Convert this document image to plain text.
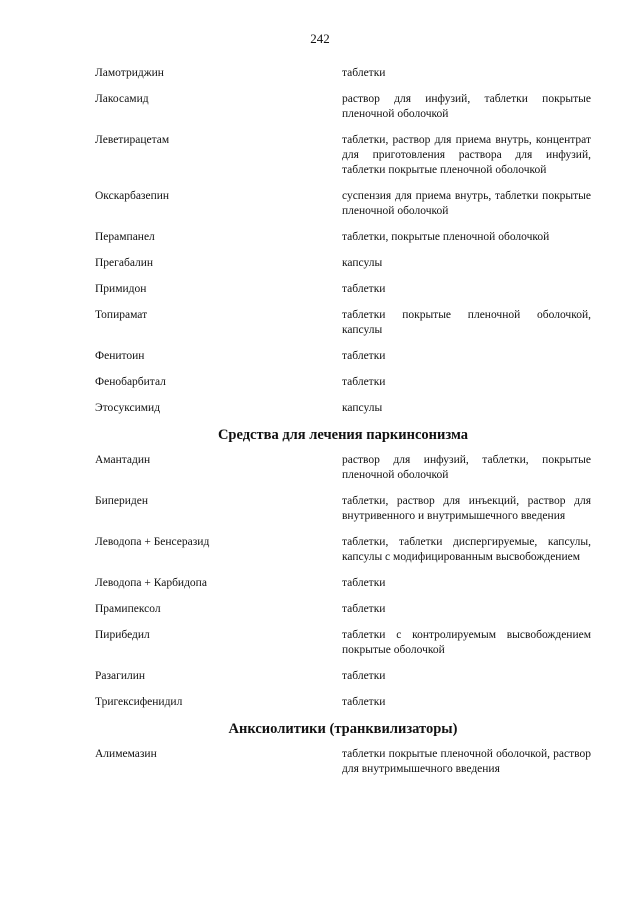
242
Ламотриджин	таблетки
Лакосамид	раствор для инфузий, таблетки покрытые пленочной оболочкой
Леветирацетам	таблетки, раствор для приема внутрь, концентрат для приготовления раствора для инфузий, таблетки покрытые пленочной оболочкой
Окскарбазепин	суспензия для приема внутрь, таблетки покрытые пленочной оболочкой
Перампанел	таблетки, покрытые пленочной оболочкой
Прегабалин	капсулы
Примидон	таблетки
Топирамат	таблетки покрытые пленочной оболочкой, капсулы
Фенитоин	таблетки
Фенобарбитал	таблетки
Этосуксимид	капсулы
Средства для лечения паркинсонизма
Амантадин	раствор для инфузий, таблетки, покрытые пленочной оболочкой
Бипериден	таблетки, раствор для инъекций, раствор для внутривенного и внутримышечного введения
Леводопа + Бенсеразид	таблетки, таблетки диспергируемые, капсулы, капсулы с модифицированным высвобождением
Леводопа + Карбидопа	таблетки
Прамипексол	таблетки
Пирибедил	таблетки с контролируемым высвобождением покрытые оболочкой
Разагилин	таблетки
Тригексифенидил	таблетки
Анксиолитики (транквилизаторы)
Алимемазин	таблетки покрытые пленочной оболочкой, раствор для внутримышечного введения
